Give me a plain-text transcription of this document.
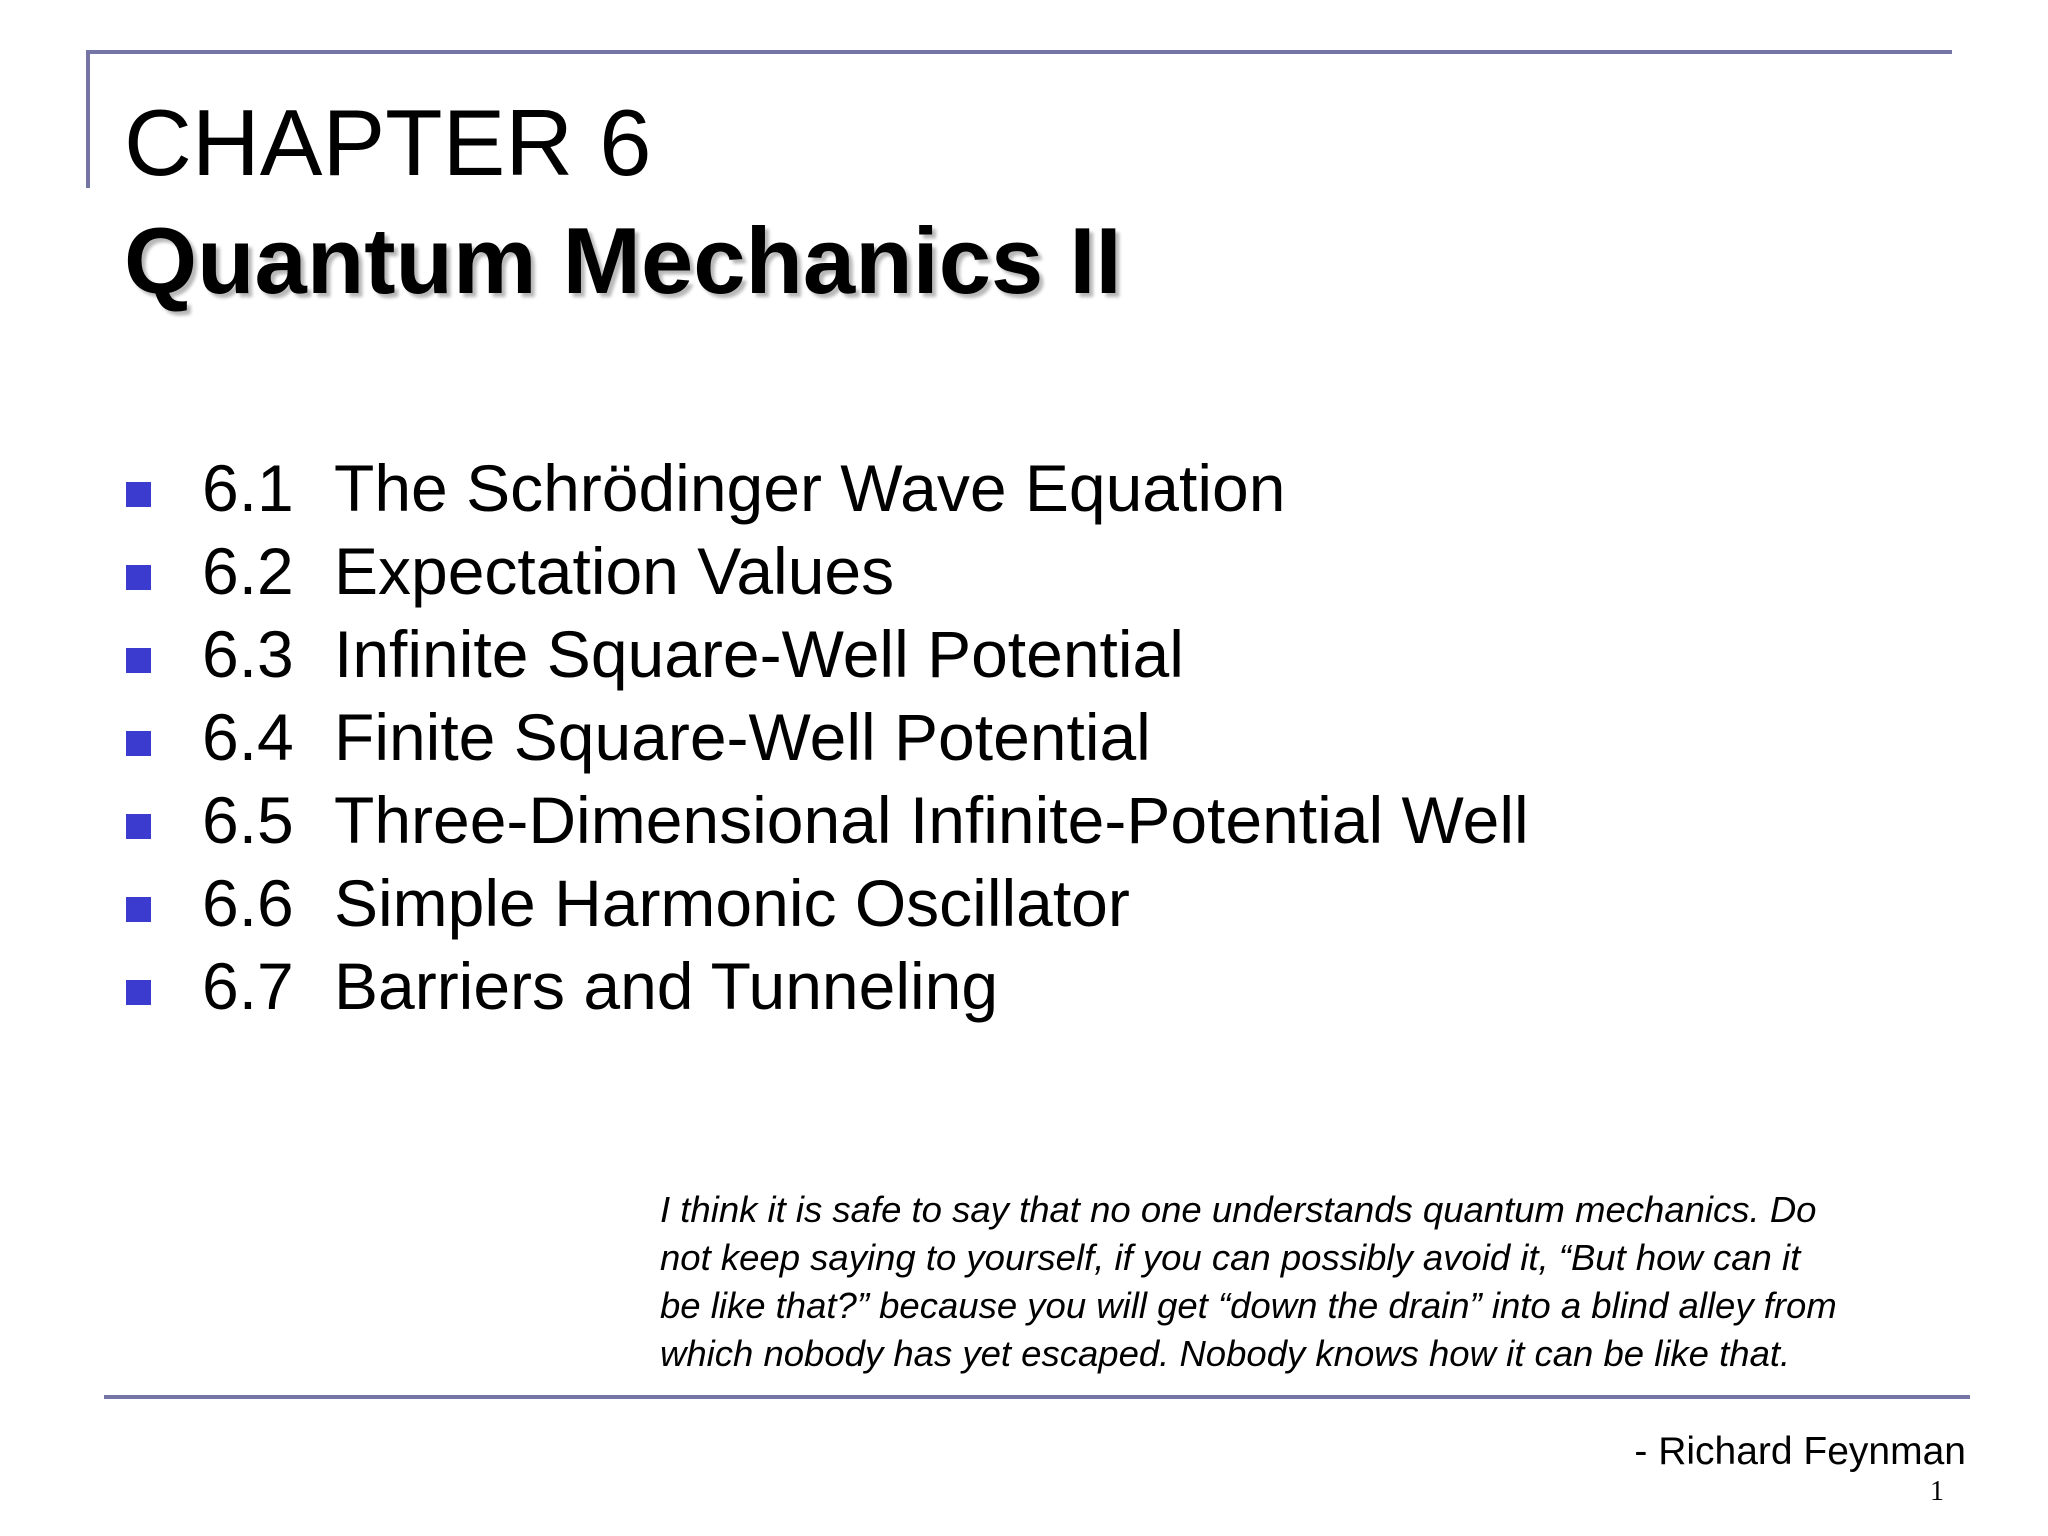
CHAPTER 6
Quantum Mechanics II
6.1 The Schrödinger Wave Equation
6.2 Expectation Values
6.3 Infinite Square-Well Potential
6.4 Finite Square-Well Potential
6.5 Three-Dimensional Infinite-Potential Well
6.6 Simple Harmonic Oscillator
6.7 Barriers and Tunneling
I think it is safe to say that no one understands quantum mechanics. Do
not keep saying to yourself, if you can possibly avoid it, “But how can it
be like that?” because you will get “down the drain” into a blind alley from
which nobody has yet escaped. Nobody knows how it can be like that.
- Richard Feynman
1
